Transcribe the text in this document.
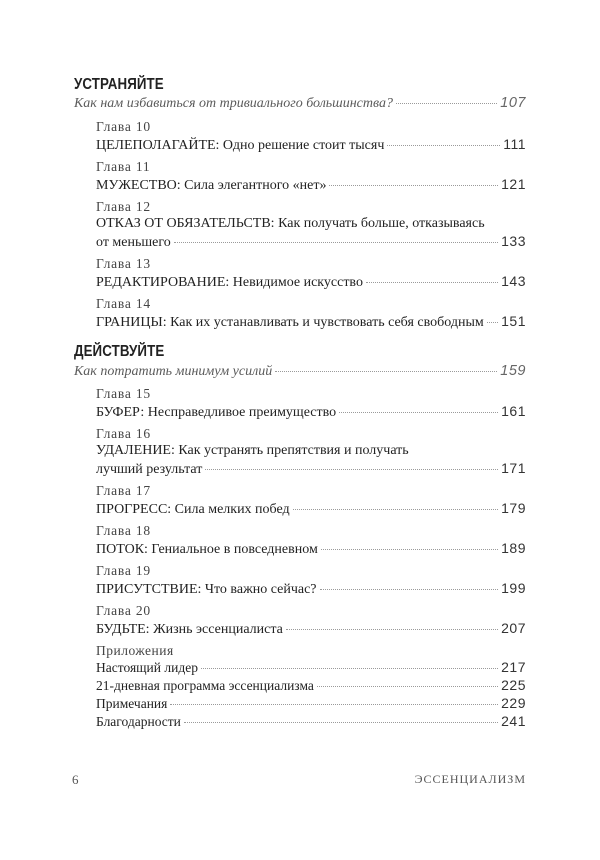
УСТРАНЯЙТЕ
Как нам избавиться от тривиального большинства?	107
Глава 10
ЦЕЛЕПОЛАГАЙТЕ: Одно решение стоит тысяч	111
Глава 11
МУЖЕСТВО: Сила элегантного «нет»	121
Глава 12
ОТКАЗ ОТ ОБЯЗАТЕЛЬСТВ: Как получать больше, отказываясь
от меньшего	133
Глава 13
РЕДАКТИРОВАНИЕ: Невидимое искусство	143
Глава 14
ГРАНИЦЫ: Как их устанавливать и чувствовать себя свободным 151
ДЕЙСТВУЙТЕ
Как потратить минимум усилий	159
Глава 15
БУФЕР: Несправедливое преимущество	161
Глава 16
УДАЛЕНИЕ: Как устранять препятствия и получать
лучший результат	171
Глава 17
ПРОГРЕСС: Сила мелких побед	179
Глава 18
ПОТОК: Гениальное в повседневном	189
Глава 19
ПРИСУТСТВИЕ: Что важно сейчас?	199
Глава 20
БУДЬТЕ: Жизнь эссенциалиста	207
Приложения
Настоящий лидер	217
21-дневная программа эссенциализма	225
Примечания	229
Благодарности	241
6	ЭССЕНЦИАЛИЗМ
